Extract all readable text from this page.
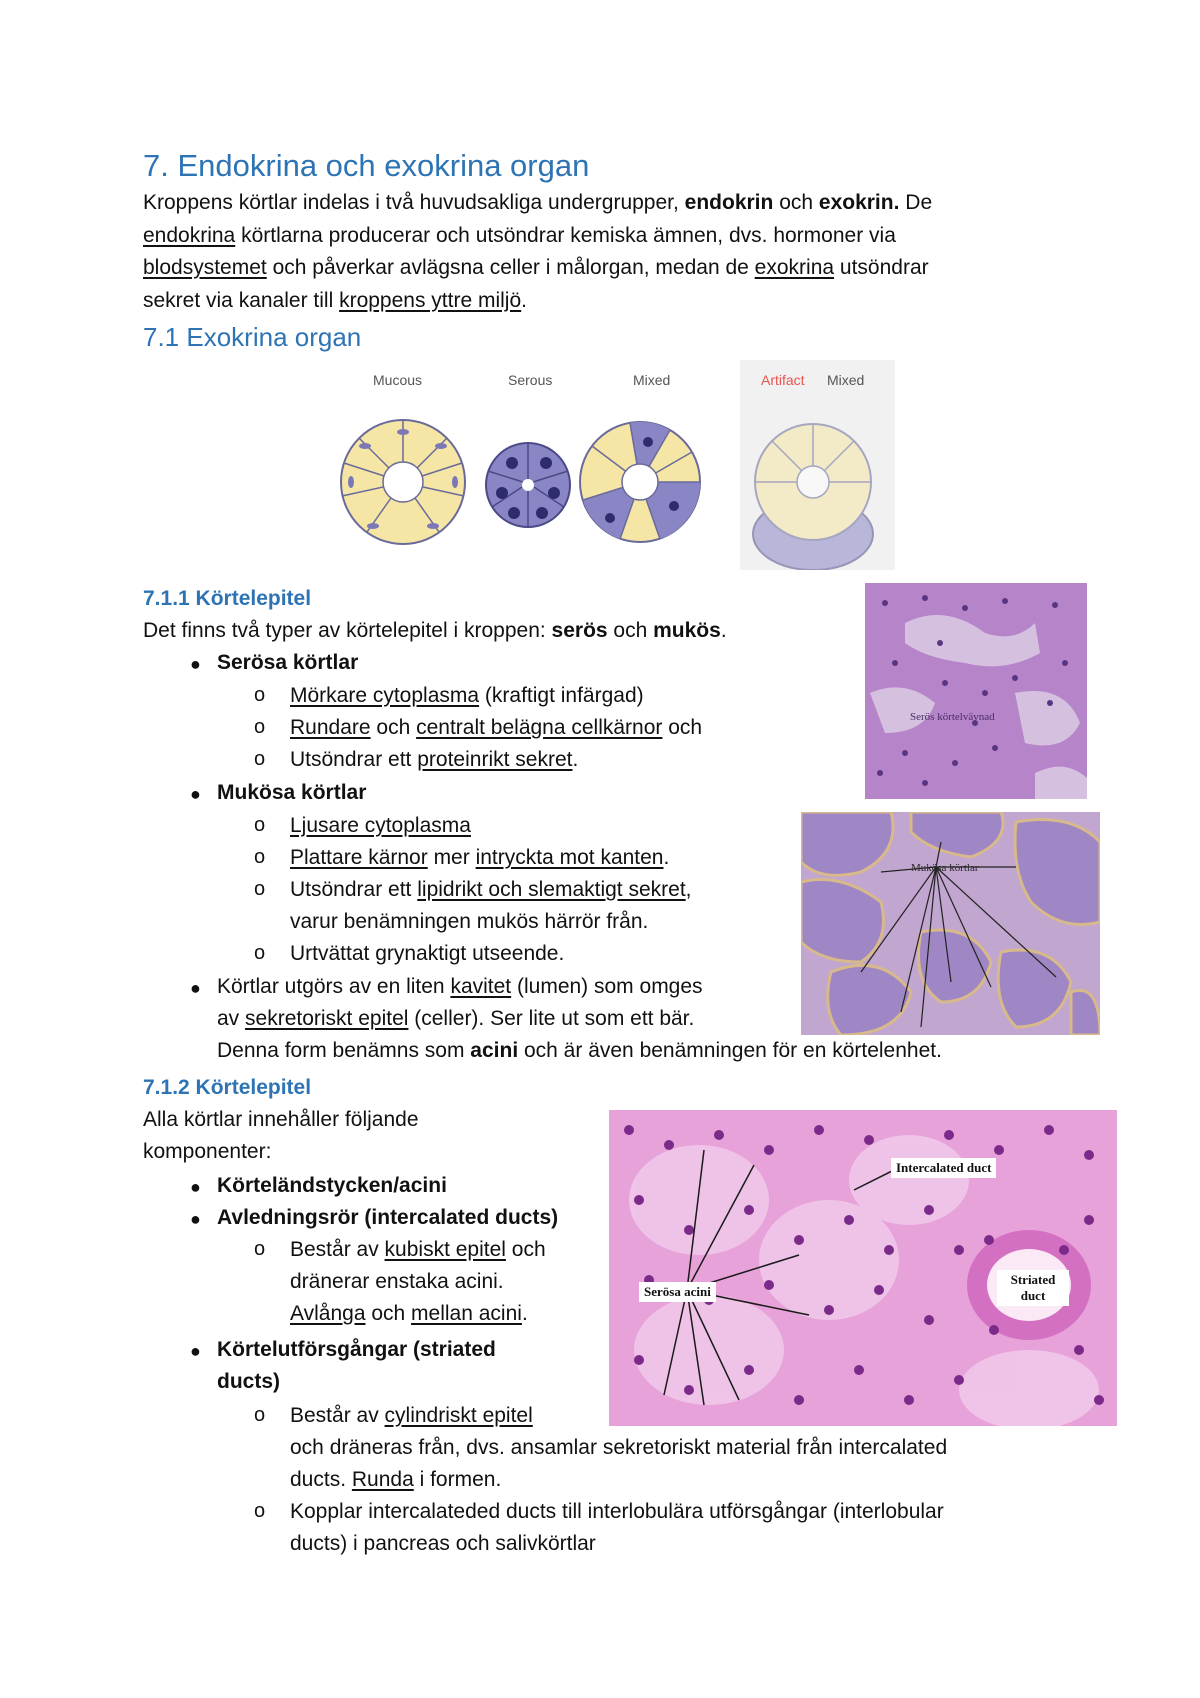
7. Endokrina och exokrina organ
Kroppens körtlar indelas i två huvudsakliga undergrupper, endokrin och exokrin. De
endokrina körtlarna producerar och utsöndrar kemiska ämnen, dvs. hormoner via
blodsystemet och påverkar avlägsna celler i målorgan, medan de exokrina utsöndrar
sekret via kanaler till kroppens yttre miljö.
7.1 Exokrina organ
Mucous	Serous	Mixed	Artifact Mixed
7.1.1 Körtelepitel
Det finns två typer av körtelepitel i kroppen: serös och mukös.
● Serösa körtlar
o Mörkare cytoplasma (kraftigt infärgad)
o Rundare och centralt belägna cellkärnor och
o Utsöndrar ett proteinrikt sekret.
● Mukösa körtlar
o Ljusare cytoplasma
o Plattare kärnor mer intryckta mot kanten.
o Utsöndrar ett lipidrikt och slemaktigt sekret,
varur benämningen mukös härrör från.
o Urtvättat grynaktigt utseende.
● Körtlar utgörs av en liten kavitet (lumen) som omges
av sekretoriskt epitel (celler). Ser lite ut som ett bär.
Denna form benämns som acini och är även benämningen för en körtelenhet.
Serös körtelvävnad
Mukösa körtlar
7.1.2 Körtelepitel
Alla körtlar innehåller följande
komponenter:
● Körteländstycken/acini
● Avledningsrör (intercalated ducts)
o Består av kubiskt epitel och
dränerar enstaka acini.
Avlånga och mellan acini.
● Körtelutförsgångar (striated
ducts)
o Består av cylindriskt epitel
och dräneras från, dvs. ansamlar sekretoriskt material från intercalated
ducts. Runda i formen.
o Kopplar intercalateded ducts till interlobulära utförsgångar (interlobular
ducts) i pancreas och salivkörtlar
Intercalated duct
Striated duct
Serösa acini
